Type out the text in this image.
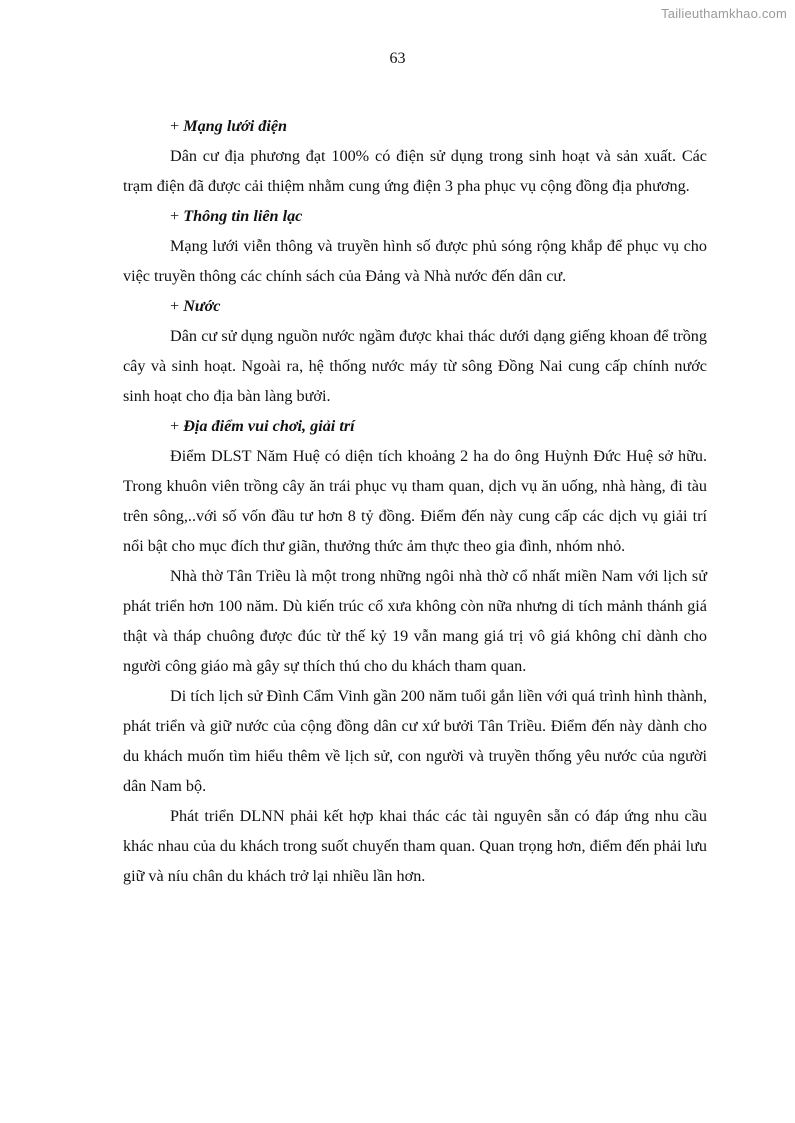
Tailieuthamkhao.com
63
+ Mạng lưới điện

Dân cư địa phương đạt 100% có điện sử dụng trong sinh hoạt và sản xuất. Các trạm điện đã được cải thiệm nhằm cung ứng điện 3 pha phục vụ cộng đồng địa phương.

+ Thông tin liên lạc

Mạng lưới viễn thông và truyền hình số được phủ sóng rộng khắp để phục vụ cho việc truyền thông các chính sách của Đảng và Nhà nước đến dân cư.

+ Nước

Dân cư sử dụng nguồn nước ngầm được khai thác dưới dạng giếng khoan để trồng cây và sinh hoạt. Ngoài ra, hệ thống nước máy từ sông Đồng Nai cung cấp chính nước sinh hoạt cho địa bàn làng bưởi.

+ Địa điểm vui chơi, giải trí

Điểm DLST Năm Huệ có diện tích khoảng 2 ha do ông Huỳnh Đức Huệ sở hữu. Trong khuôn viên trồng cây ăn trái phục vụ tham quan, dịch vụ ăn uống, nhà hàng, đi tàu trên sông,..với số vốn đầu tư hơn 8 tỷ đồng. Điểm đến này cung cấp các dịch vụ giải trí nổi bật cho mục đích thư giãn, thưởng thức ảm thực theo gia đình, nhóm nhỏ.

Nhà thờ Tân Triều là một trong những ngôi nhà thờ cổ nhất miền Nam với lịch sử phát triển hơn 100 năm. Dù kiến trúc cổ xưa không còn nữa nhưng di tích mảnh thánh giá thật và tháp chuông được đúc từ thế kỷ 19 vẫn mang giá trị vô giá không chỉ dành cho người công giáo mà gây sự thích thú cho du khách tham quan.

Di tích lịch sử Đình Cẩm Vinh gần 200 năm tuổi gắn liền với quá trình hình thành, phát triển và giữ nước của cộng đồng dân cư xứ bưởi Tân Triều. Điểm đến này dành cho du khách muốn tìm hiểu thêm về lịch sử, con người và truyền thống yêu nước của người dân Nam bộ.

Phát triển DLNN phải kết hợp khai thác các tài nguyên sẵn có đáp ứng nhu cầu khác nhau của du khách trong suốt chuyến tham quan. Quan trọng hơn, điểm đến phải lưu giữ và níu chân du khách trở lại nhiều lần hơn.
